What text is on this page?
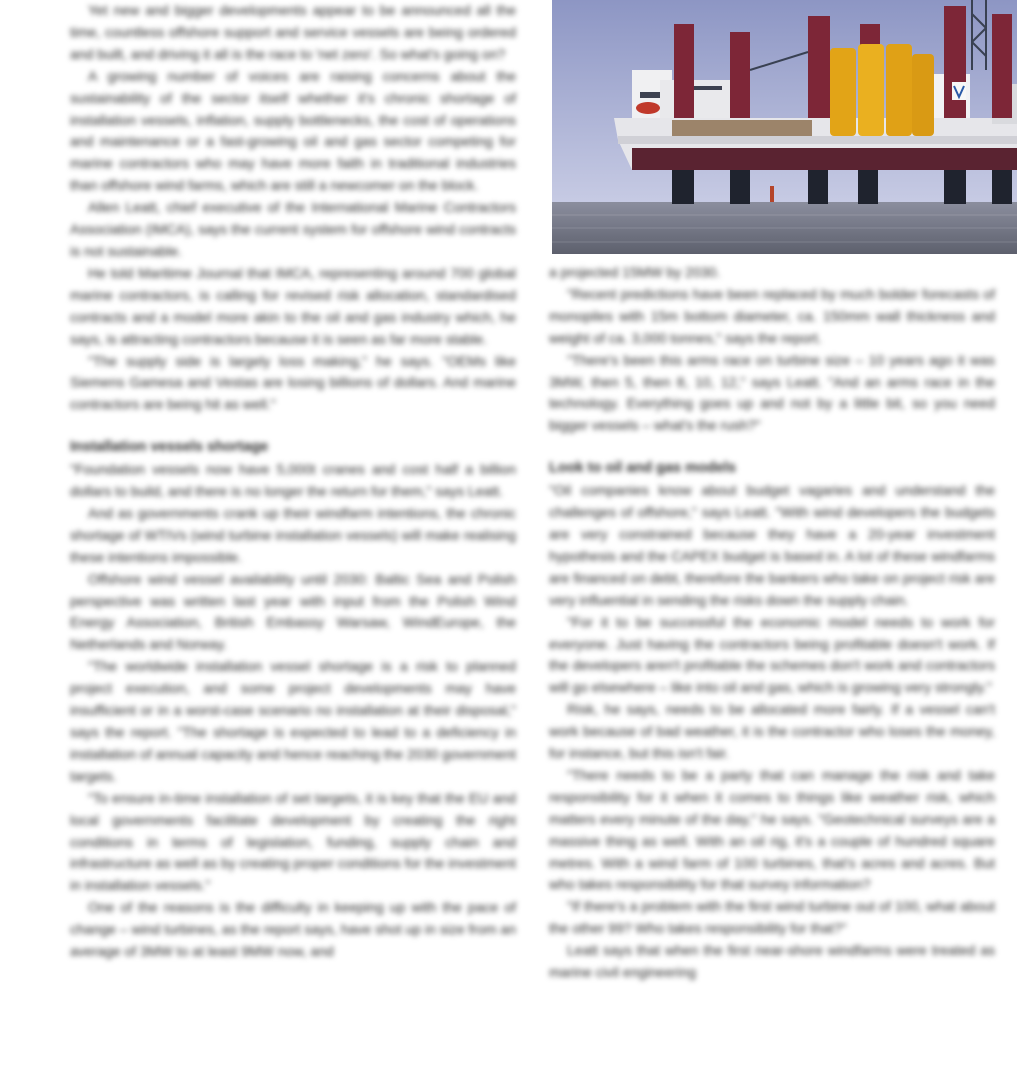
Yet new and bigger developments appear to be announced all the time, countless offshore support and service vessels are being ordered and built, and driving it all is the race to 'net zero'. So what's going on?

A growing number of voices are raising concerns about the sustainability of the sector itself whether it's chronic shortage of installation vessels, inflation, supply bottlenecks, the cost of operations and maintenance or a fast-growing oil and gas sector competing for marine contractors who may have more faith in traditional industries than offshore wind farms, which are still a newcomer on the block.

Allen Leatt, chief executive of the International Marine Contractors Association (IMCA), says the current system for offshore wind contracts is not sustainable.

He told Maritime Journal that IMCA, representing around 700 global marine contractors, is calling for revised risk allocation, standardised contracts and a model more akin to the oil and gas industry which, he says, is attracting contractors because it is seen as far more stable.

"The supply side is largely loss making," he says. "OEMs like Siemens Gamesa and Vestas are losing billions of dollars. And marine contractors are being hit as well."

Installation vessels shortage

"Foundation vessels now have 5,000t cranes and cost half a billion dollars to build, and there is no longer the return for them," says Leatt.

And as governments crank up their windfarm intentions, the chronic shortage of WTIVs (wind turbine installation vessels) will make realising these intentions impossible.

Offshore wind vessel availability until 2030: Baltic Sea and Polish perspective was written last year with input from the Polish Wind Energy Association, British Embassy Warsaw, WindEurope, the Netherlands and Norway.

"The worldwide installation vessel shortage is a risk to planned project execution, and some project developments may have insufficient or in a worst-case scenario no installation at their disposal," says the report. "The shortage is expected to lead to a deficiency in installation of annual capacity and hence reaching the 2030 government targets.

"To ensure in-time installation of set targets, it is key that the EU and local governments facilitate development by creating the right conditions in terms of legislation, funding, supply chain and infrastructure as well as by creating proper conditions for the investment in installation vessels."

One of the reasons is the difficulty in keeping up with the pace of change – wind turbines, as the report says, have shot up in size from an average of 3MW to at least 9MW now, and

a projected 15MW by 2030.

"Recent predictions have been replaced by much bolder forecasts of monopiles with 15m bottom diameter, ca. 150mm wall thickness and weight of ca. 3,000 tonnes," says the report.

"There's been this arms race on turbine size – 10 years ago it was 3MW, then 5, then 8, 10, 12," says Leatt. "And an arms race in the technology. Everything goes up and not by a little bit, so you need bigger vessels – what's the rush?"

Look to oil and gas models

"Oil companies know about budget vagaries and understand the challenges of offshore," says Leatt. "With wind developers the budgets are very constrained because they have a 20-year investment hypothesis and the CAPEX budget is based in. A lot of these windfarms are financed on debt, therefore the bankers who take on project risk are very influential in sending the risks down the supply chain.

"For it to be successful the economic model needs to work for everyone. Just having the contractors being profitable doesn't work. If the developers aren't profitable the schemes don't work and contractors will go elsewhere – like into oil and gas, which is growing very strongly."

Risk, he says, needs to be allocated more fairly. If a vessel can't work because of bad weather, it is the contractor who loses the money, for instance, but this isn't fair.

"There needs to be a party that can manage the risk and take responsibility for it when it comes to things like weather risk, which matters every minute of the day," he says. "Geotechnical surveys are a massive thing as well. With an oil rig, it's a couple of hundred square metres. With a wind farm of 100 turbines, that's acres and acres. But who takes responsibility for that survey information?

"If there's a problem with the first wind turbine out of 100, what about the other 99? Who takes responsibility for that?"

Leatt says that when the first near-shore windfarms were treated as marine civil engineering
